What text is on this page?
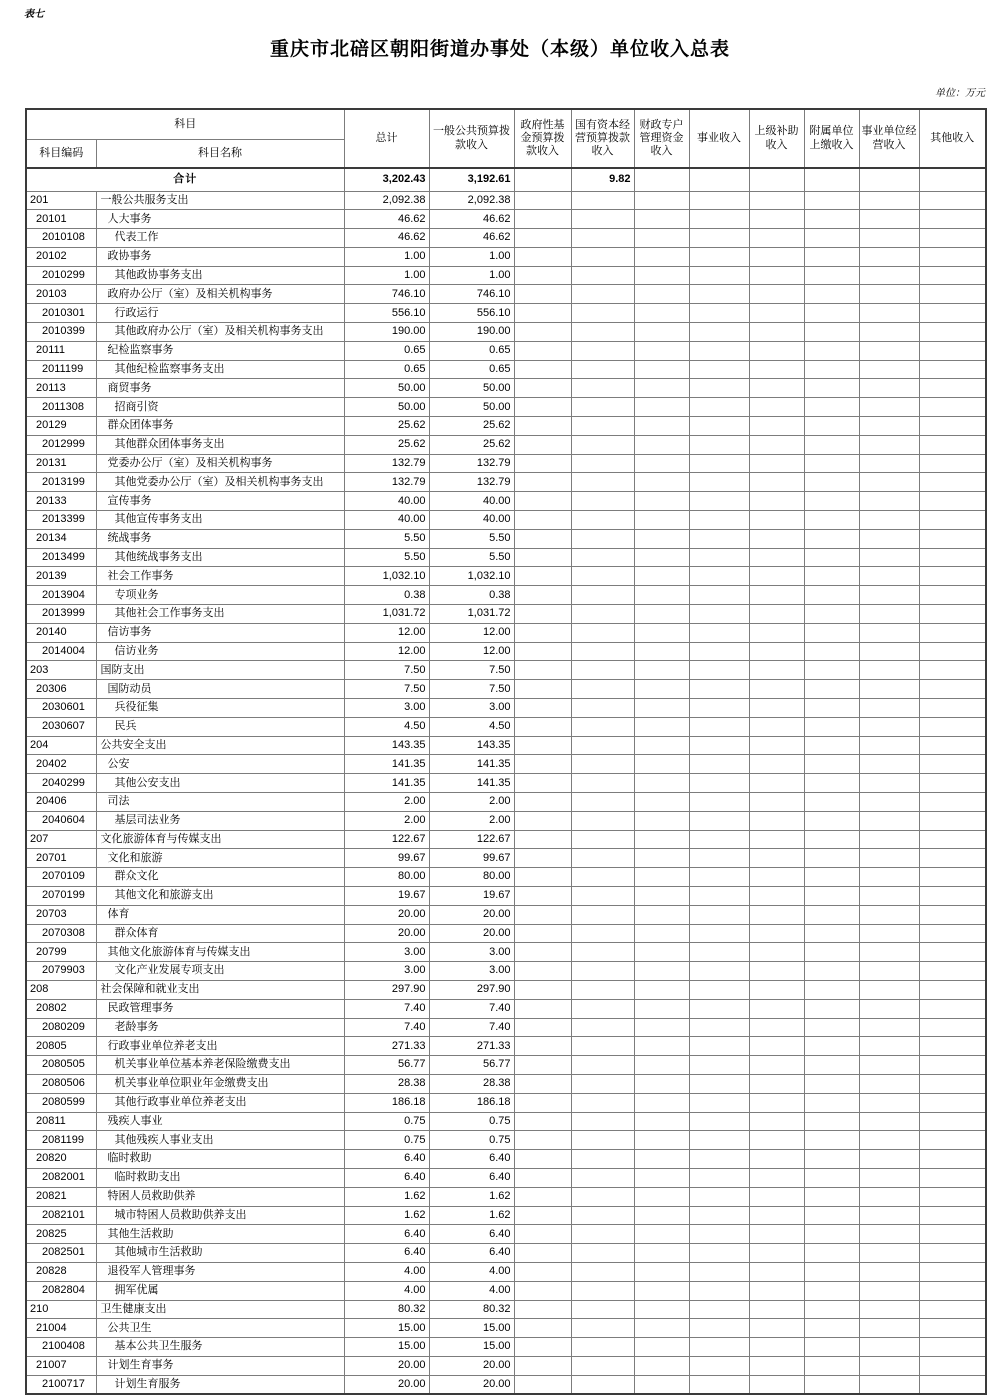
表七
重庆市北碚区朝阳街道办事处（本级）单位收入总表
单位：万元
科目		总计	一般公共预算拨款收入	政府性基金预算拨款收入	国有资本经营预算拨款收入	财政专户管理资金收入	事业收入	上级补助收入	附属单位上缴收入	事业单位经营收入	其他收入
科目编码	科目名称										
合计		3,202.43	3,192.61		9.82						
201	一般公共服务支出	2,092.38	2,092.38								
20101	人大事务	46.62	46.62								
2010108	代表工作	46.62	46.62								
20102	政协事务	1.00	1.00								
2010299	其他政协事务支出	1.00	1.00								
20103	政府办公厅（室）及相关机构事务	746.10	746.10								
2010301	行政运行	556.10	556.10								
2010399	其他政府办公厅（室）及相关机构事务支出	190.00	190.00								
20111	纪检监察事务	0.65	0.65								
2011199	其他纪检监察事务支出	0.65	0.65								
20113	商贸事务	50.00	50.00								
2011308	招商引资	50.00	50.00								
20129	群众团体事务	25.62	25.62								
2012999	其他群众团体事务支出	25.62	25.62								
20131	党委办公厅（室）及相关机构事务	132.79	132.79								
2013199	其他党委办公厅（室）及相关机构事务支出	132.79	132.79								
20133	宣传事务	40.00	40.00								
2013399	其他宣传事务支出	40.00	40.00								
20134	统战事务	5.50	5.50								
2013499	其他统战事务支出	5.50	5.50								
20139	社会工作事务	1,032.10	1,032.10								
2013904	专项业务	0.38	0.38								
2013999	其他社会工作事务支出	1,031.72	1,031.72								
20140	信访事务	12.00	12.00								
2014004	信访业务	12.00	12.00								
203	国防支出	7.50	7.50								
20306	国防动员	7.50	7.50								
2030601	兵役征集	3.00	3.00								
2030607	民兵	4.50	4.50								
204	公共安全支出	143.35	143.35								
20402	公安	141.35	141.35								
2040299	其他公安支出	141.35	141.35								
20406	司法	2.00	2.00								
2040604	基层司法业务	2.00	2.00								
207	文化旅游体育与传媒支出	122.67	122.67								
20701	文化和旅游	99.67	99.67								
2070109	群众文化	80.00	80.00								
2070199	其他文化和旅游支出	19.67	19.67								
20703	体育	20.00	20.00								
2070308	群众体育	20.00	20.00								
20799	其他文化旅游体育与传媒支出	3.00	3.00								
2079903	文化产业发展专项支出	3.00	3.00								
208	社会保障和就业支出	297.90	297.90								
20802	民政管理事务	7.40	7.40								
2080209	老龄事务	7.40	7.40								
20805	行政事业单位养老支出	271.33	271.33								
2080505	机关事业单位基本养老保险缴费支出	56.77	56.77								
2080506	机关事业单位职业年金缴费支出	28.38	28.38								
2080599	其他行政事业单位养老支出	186.18	186.18								
20811	残疾人事业	0.75	0.75								
2081199	其他残疾人事业支出	0.75	0.75								
20820	临时救助	6.40	6.40								
2082001	临时救助支出	6.40	6.40								
20821	特困人员救助供养	1.62	1.62								
2082101	城市特困人员救助供养支出	1.62	1.62								
20825	其他生活救助	6.40	6.40								
2082501	其他城市生活救助	6.40	6.40								
20828	退役军人管理事务	4.00	4.00								
2082804	拥军优属	4.00	4.00								
210	卫生健康支出	80.32	80.32								
21004	公共卫生	15.00	15.00								
2100408	基本公共卫生服务	15.00	15.00								
21007	计划生育事务	20.00	20.00								
2100717	计划生育服务	20.00	20.00								
